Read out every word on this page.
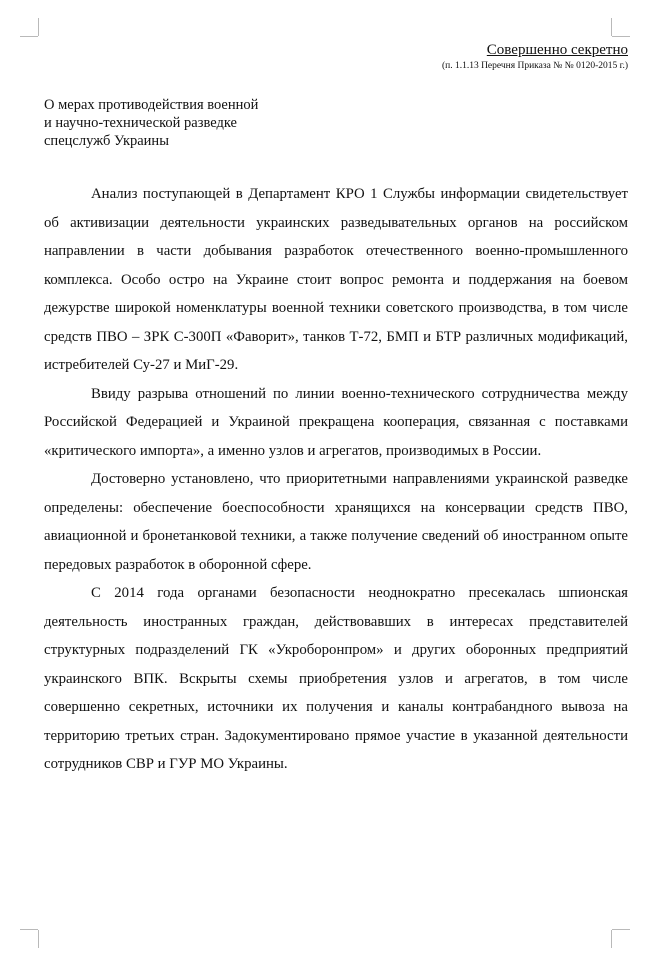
Совершенно секретно
(п. 1.1.13 Перечня Приказа № № 0120-2015 г.)
О мерах противодействия военной
и научно-технической разведке
спецслужб Украины

Анализ поступающей в Департамент КРО 1 Службы информации свидетельствует об активизации деятельности украинских разведывательных органов на российском направлении в части добывания разработок отечественного военно-промышленного комплекса. Особо остро на Украине стоит вопрос ремонта и поддержания на боевом дежурстве широкой номенклатуры военной техники советского производства, в том числе средств ПВО – ЗРК С-300П «Фаворит», танков Т-72, БМП и БТР различных модификаций, истребителей Су-27 и МиГ-29.

Ввиду разрыва отношений по линии военно-технического сотрудничества между Российской Федерацией и Украиной прекращена кооперация, связанная с поставками «критического импорта», а именно узлов и агрегатов, производимых в России.

Достоверно установлено, что приоритетными направлениями украинской разведке определены: обеспечение боеспособности хранящихся на консервации средств ПВО, авиационной и бронетанковой техники, а также получение сведений об иностранном опыте передовых разработок в оборонной сфере.

С 2014 года органами безопасности неоднократно пресекалась шпионская деятельность иностранных граждан, действовавших в интересах представителей структурных подразделений ГК «Укроборонпром» и других оборонных предприятий украинского ВПК. Вскрыты схемы приобретения узлов и агрегатов, в том числе совершенно секретных, источники их получения и каналы контрабандного вывоза на территорию третьих стран. Задокументировано прямое участие в указанной деятельности сотрудников СВР и ГУР МО Украины.
